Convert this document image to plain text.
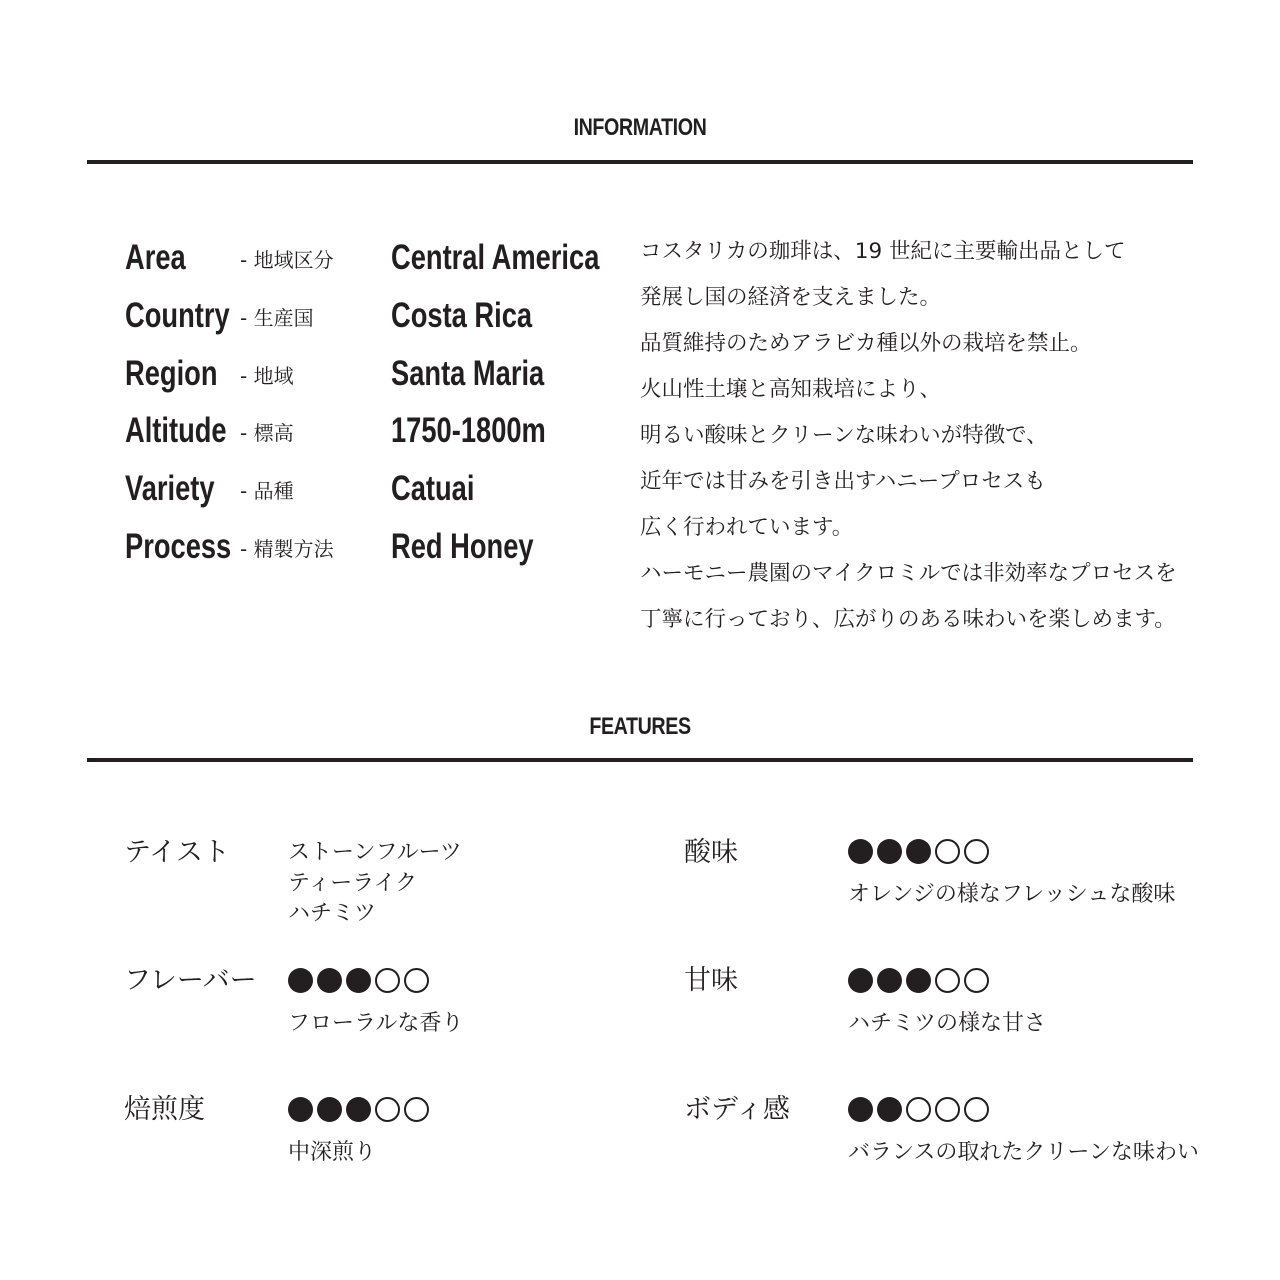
INFORMATION
Area	- 地域区分 Central America
Country - 生産国 Costa Rica
Region - 地域	Santa Maria
Altitude - 標高	1750-1800m
Variety - 品種	Catuai
Process - 精製方法 Red Honey
コスタリカの珈琲は、19 世紀に主要輸出品として
発展し国の経済を支えました。
品質維持のためアラビカ種以外の栽培を禁止。
火山性土壌と高知栽培により、
明るい酸味とクリーンな味わいが特徴で、
近年では甘みを引き出すハニープロセスも
広く行われています。
ハーモニー農園のマイクロミルでは非効率なプロセスを
丁寧に行っており、広がりのある味わいを楽しめます。
FEATURES
テイスト	ストーンフルーツ
ティーライク
ハチミツ
フレーバー
フローラルな香り
焙煎度
中深煎り
酸味
オレンジの様なフレッシュな酸味
甘味
ハチミツの様な甘さ
ボディ感
バランスの取れたクリーンな味わい
